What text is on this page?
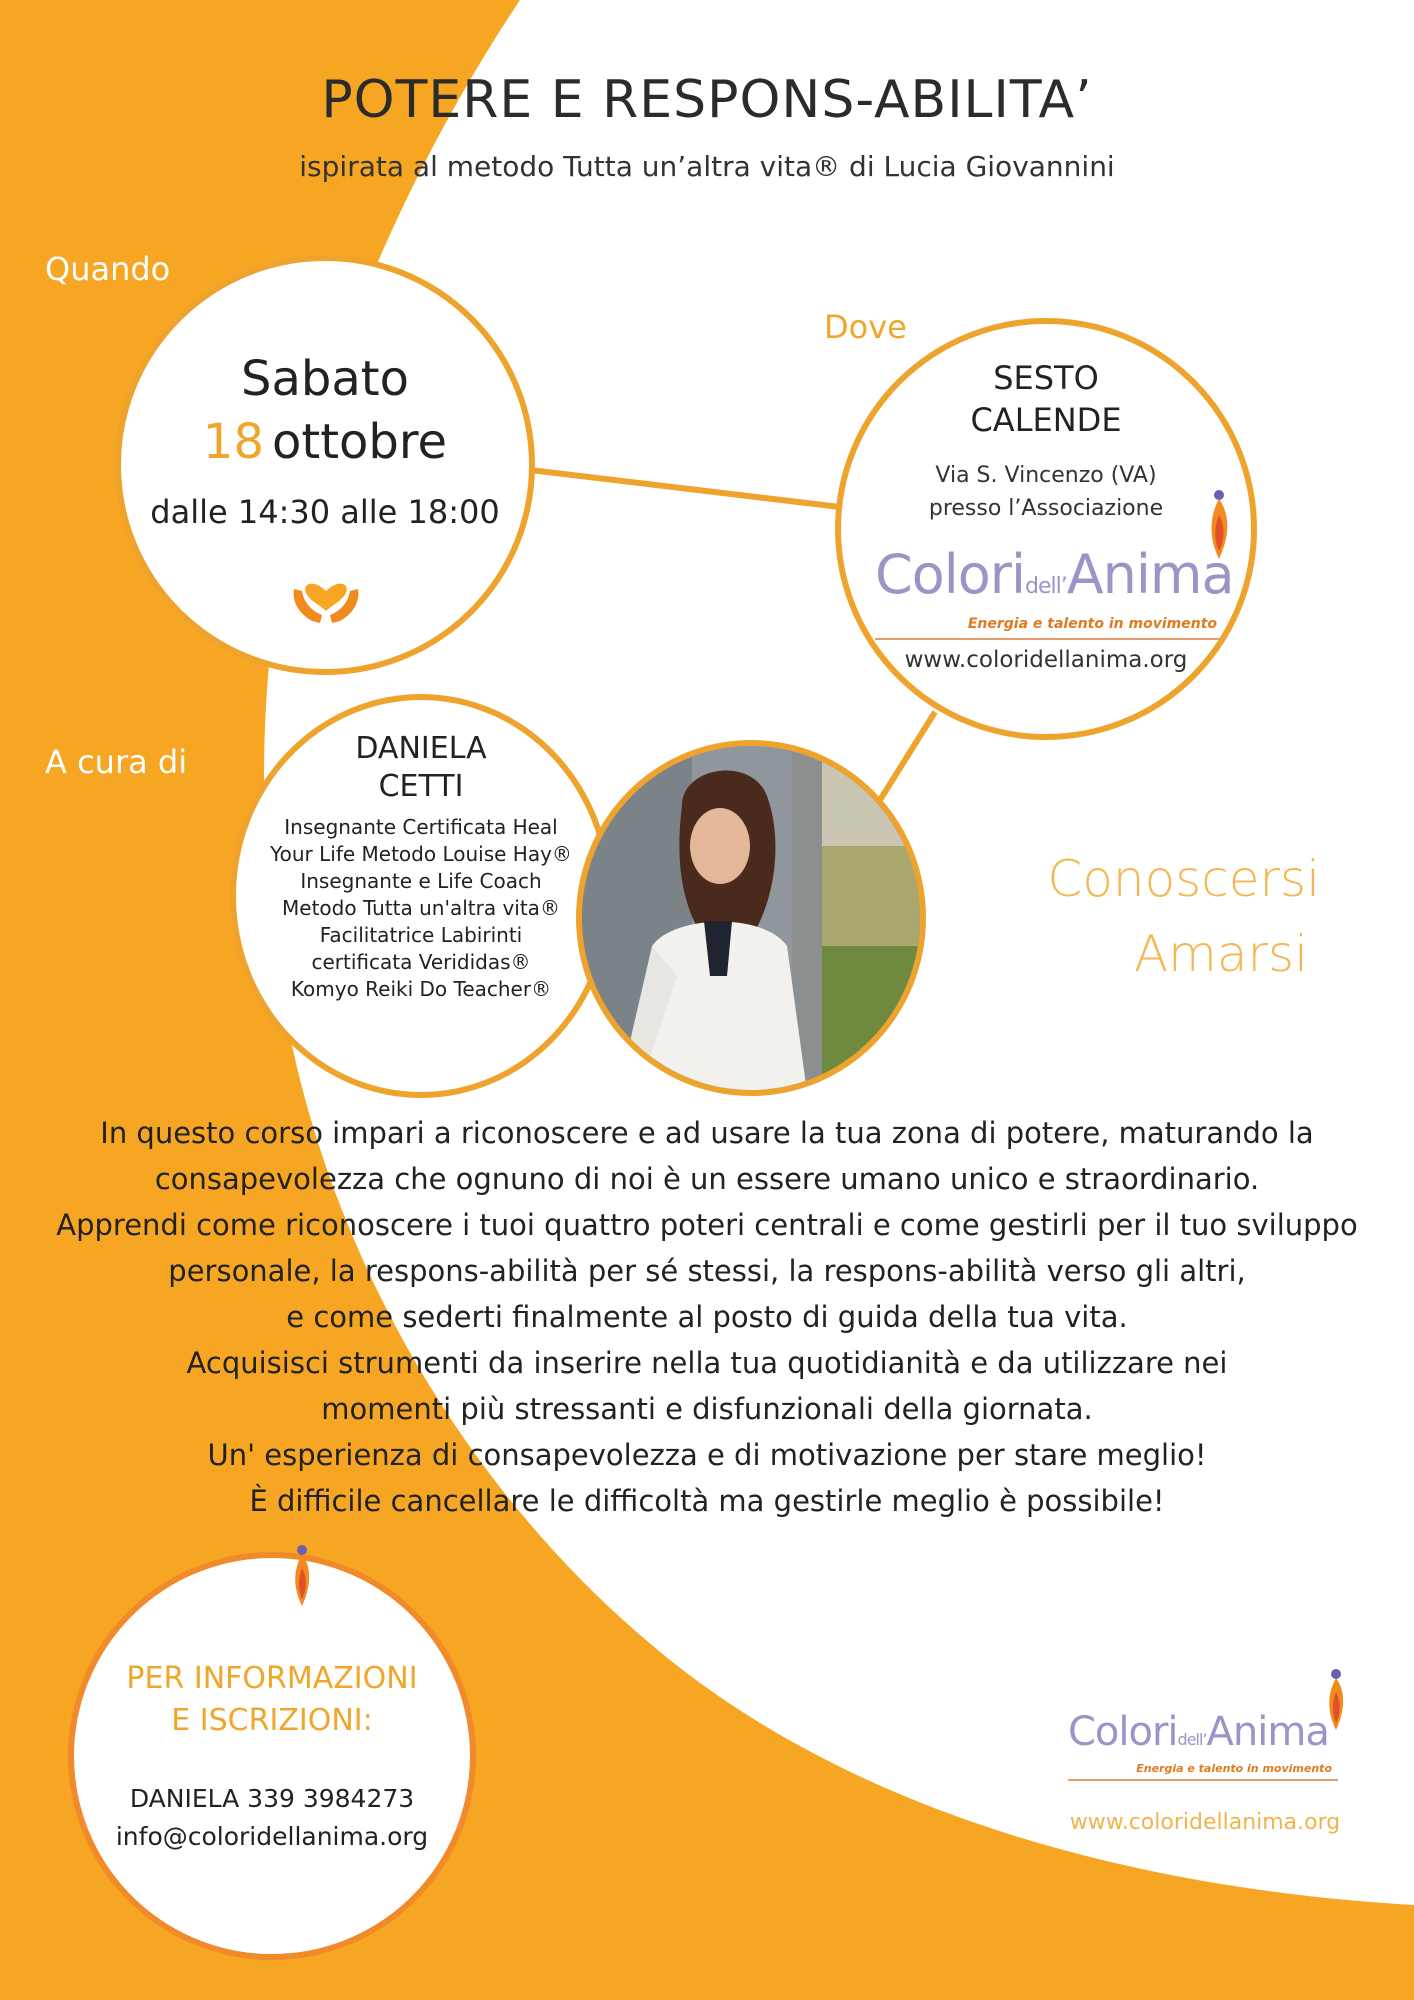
POTERE E RESPONS-ABILITA’
ispirata al metodo Tutta un’altra vita® di Lucia Giovannini
Quando
Dove
A cura di
Sabato
18 ottobre
dalle 14:30 alle 18:00
SESTO
CALENDE
Via S. Vincenzo (VA)
presso l’Associazione
Coloridell’Anima
Energia e talento in movimento
www.coloridellanima.org
DANIELA
CETTI
Insegnante Certificata Heal
Your Life Metodo Louise Hay®
Insegnante e Life Coach
Metodo Tutta un'altra vita®
Facilitatrice Labirinti
certificata Verididas®
Komyo Reiki Do Teacher®
Conoscersi
Amarsi
In questo corso impari a riconoscere e ad usare la tua zona di potere, maturando la
consapevolezza che ognuno di noi è un essere umano unico e straordinario.
Apprendi come riconoscere i tuoi quattro poteri centrali e come gestirli per il tuo sviluppo
personale, la respons-abilità per sé stessi, la respons-abilità verso gli altri,
e come sederti finalmente al posto di guida della tua vita.
Acquisisci strumenti da inserire nella tua quotidianità e da utilizzare nei
momenti più stressanti e disfunzionali della giornata.
Un' esperienza di consapevolezza e di motivazione per stare meglio!
È difficile cancellare le difficoltà ma gestirle meglio è possibile!
PER INFORMAZIONI
E ISCRIZIONI:
DANIELA 339 3984273
info@coloridellanima.org
Coloridell’Anima
Energia e talento in movimento
www.coloridellanima.org
